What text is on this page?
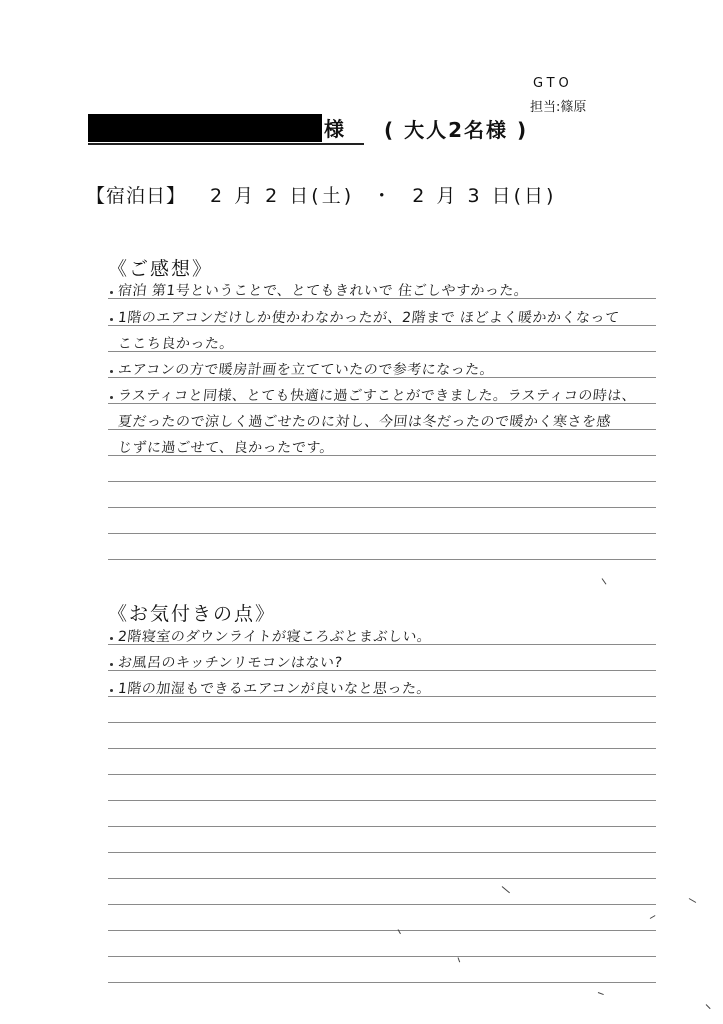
GTO
担当:篠原
様 ( 大人2名様 )
【宿泊日】 2 月 2 日(土)  ・  2 月 3 日(日)
《ご感想》
宿泊 第1号ということで、とてもきれいで 住ごしやすかった。
1階のエアコンだけしか使かわなかったが、2階まで ほどよく暖かかくなって
ここち良かった。
エアコンの方で暖房計画を立てていたので参考になった。
ラスティコと同様、とても快適に過ごすことができました。ラスティコの時は、
夏だったので涼しく過ごせたのに対し、今回は冬だったので暖かく寒さを感
じずに過ごせて、良かったです。
《お気付きの点》
2階寝室のダウンライトが寝ころぶとまぶしい。
お風呂のキッチンリモコンはない?
1階の加湿もできるエアコンが良いなと思った。
